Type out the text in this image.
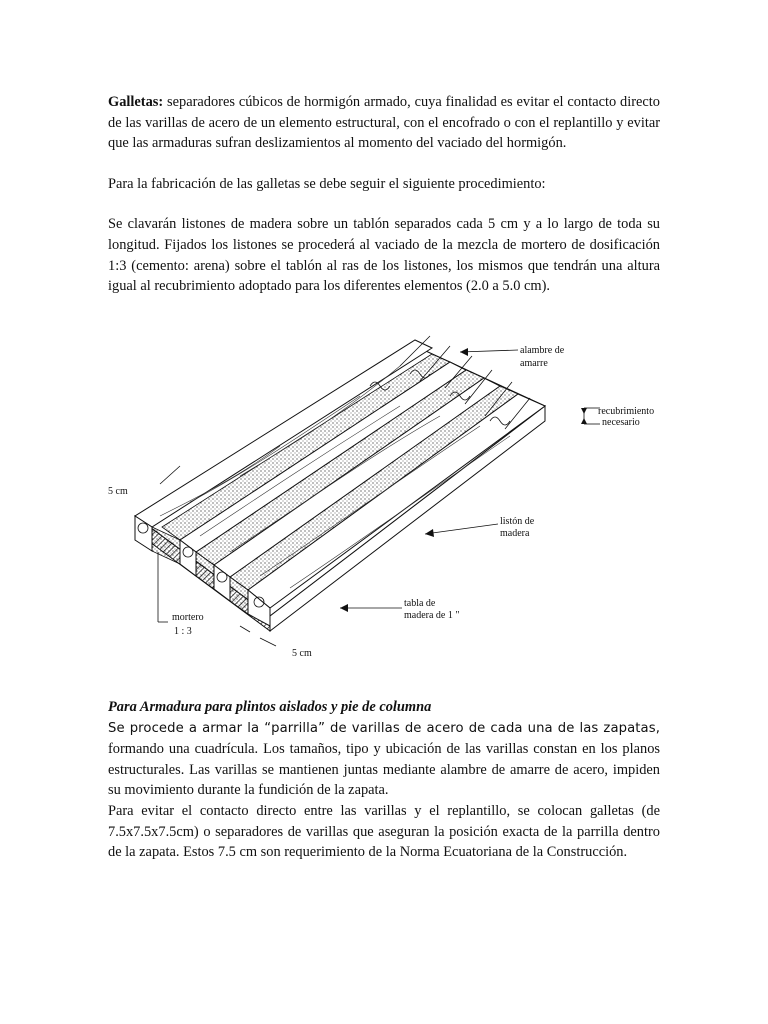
Galletas: separadores cúbicos de hormigón armado, cuya finalidad es evitar el contacto directo de las varillas de acero de un elemento estructural, con el encofrado o con el replantillo y evitar que las armaduras sufran deslizamientos al momento del vaciado del hormigón.

Para la fabricación de las galletas se debe seguir el siguiente procedimiento:

Se clavarán listones de madera sobre un tablón separados cada 5 cm y a lo largo de toda su longitud. Fijados los listones se procederá al vaciado de la mezcla de mortero de dosificación 1:3 (cemento: arena) sobre el tablón al ras de los listones, los mismos que tendrán una altura igual al recubrimiento adoptado para los diferentes elementos (2.0 a 5.0 cm).

alambre de
amarre
recubrimiento
necesario
5 cm
listón de
madera
tabla de
madera de 1 "
mortero
1 : 3
5 cm

Para Armadura para plintos aislados y pie de columna

Se procede a armar la “parrilla” de varillas de acero de cada una de las zapatas, formando una cuadrícula. Los tamaños, tipo y ubicación de las varillas constan en los planos estructurales. Las varillas se mantienen juntas mediante alambre de amarre de acero, impiden su movimiento durante la fundición de la zapata.

Para evitar el contacto directo entre las varillas y el replantillo, se colocan galletas (de 7.5x7.5x7.5cm) o separadores de varillas que aseguran la posición exacta de la parrilla dentro de la zapata. Estos 7.5 cm son requerimiento de la Norma Ecuatoriana de la Construcción.
